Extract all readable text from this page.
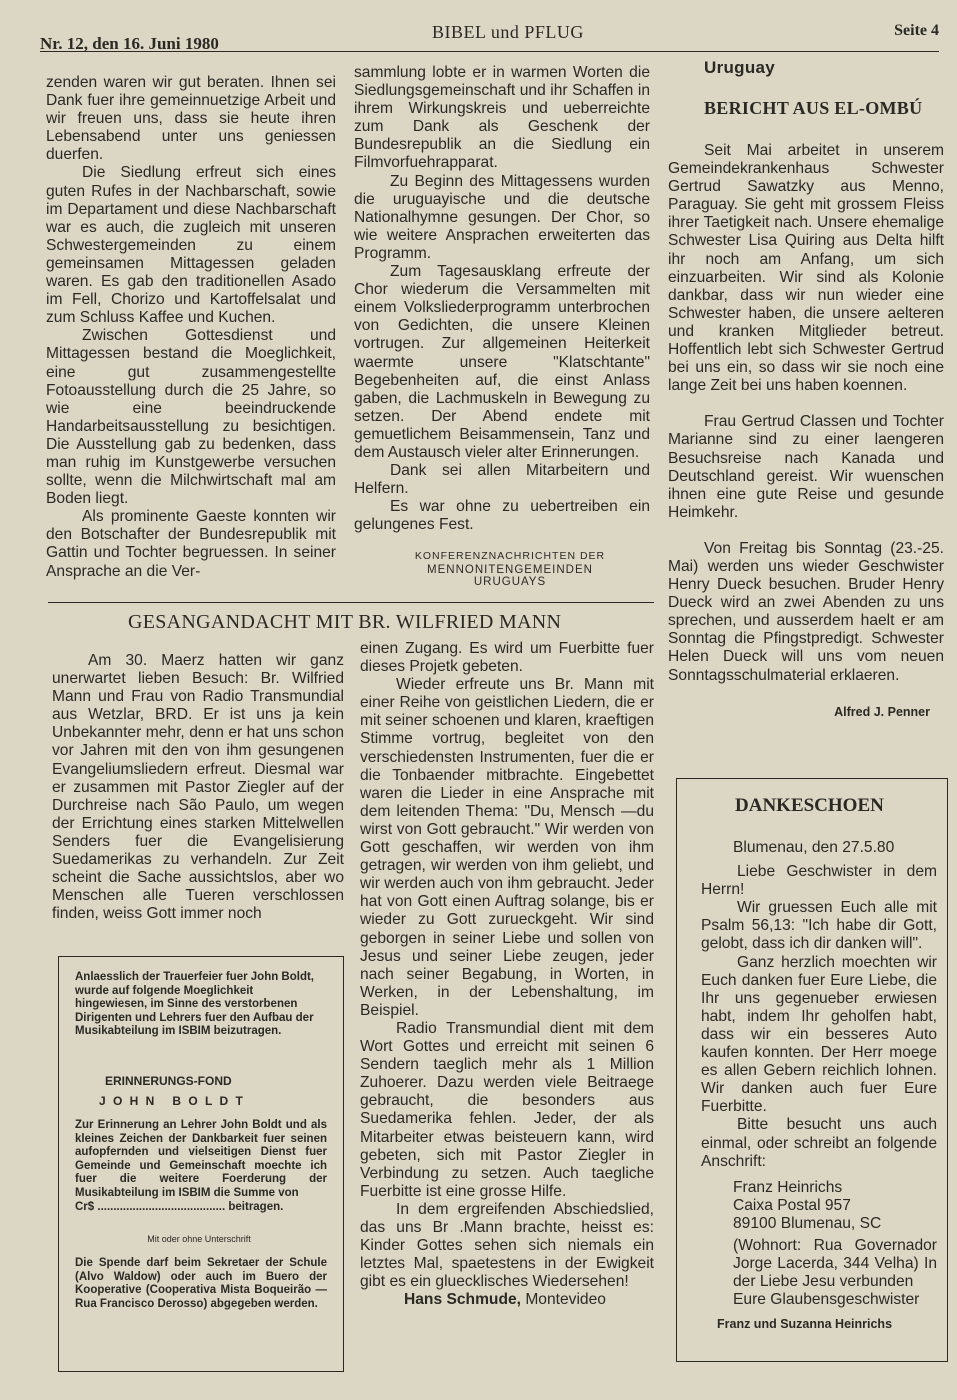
Nr. 12, den 16. Juni 1980
BIBEL und PFLUG	Seite 4

zenden waren wir gut beraten. Ihnen sei Dank fuer ihre gemeinnuetzige Arbeit und wir freuen uns, dass sie heute ihren Lebensabend unter uns geniessen duerfen.

Die Siedlung erfreut sich eines guten Rufes in der Nachbarschaft, sowie im Departament und diese Nachbarschaft war es auch, die zugleich mit unseren Schwestergemeinden zu einem gemeinsamen Mittagessen geladen waren. Es gab den traditionellen Asado im Fell, Chorizo und Kartoffelsalat und zum Schluss Kaffee und Kuchen.

Zwischen Gottesdienst und Mittagessen bestand die Moeglichkeit, eine gut zusammengestellte Fotoausstellung durch die 25 Jahre, so wie eine beeindruckende Handarbeitsausstellung zu besichtigen. Die Ausstellung gab zu bedenken, dass man ruhig im Kunstgewerbe versuchen sollte, wenn die Milchwirtschaft mal am Boden liegt.

Als prominente Gaeste konnten wir den Botschafter der Bundesrepublik mit Gattin und Tochter begruessen. In seiner Ansprache an die Ver-

sammlung lobte er in warmen Worten die Siedlungsgemeinschaft und ihr Schaffen in ihrem Wirkungskreis und ueberreichte zum Dank als Geschenk der Bundesrepublik an die Siedlung ein Filmvorfuehrapparat.

Zu Beginn des Mittagessens wurden die uruguayische und die deutsche Nationalhymne gesungen. Der Chor, so wie weitere Ansprachen erweiterten das Programm.

Zum Tagesausklang erfreute der Chor wiederum die Versammelten mit einem Volksliederprogramm unterbrochen von Gedichten, die unsere Kleinen vortrugen. Zur allgemeinen Heiterkeit waermte unsere "Klatschtante" Begebenheiten auf, die einst Anlass gaben, die Lachmuskeln in Bewegung zu setzen. Der Abend endete mit gemuetlichem Beisammensein, Tanz und dem Austausch vieler alter Erinnerungen.

Dank sei allen Mitarbeitern und Helfern.

Es war ohne zu uebertreiben ein gelungenes Fest.

KONFERENZNACHRICHTEN DER
MENNONITENGEMEINDEN URUGUAYS
Uruguay
BERICHT AUS EL-OMBÚ

Seit Mai arbeitet in unserem Gemeindekrankenhaus Schwester Gertrud Sawatzky aus Menno, Paraguay. Sie geht mit grossem Fleiss ihrer Taetigkeit nach. Unsere ehemalige Schwester Lisa Quiring aus Delta hilft ihr noch am Anfang, um sich einzuarbeiten. Wir sind als Kolonie dankbar, dass wir nun wieder eine Schwester haben, die unsere aelteren und kranken Mitglieder betreut. Hoffentlich lebt sich Schwester Gertrud bei uns ein, so dass wir sie noch eine lange Zeit bei uns haben koennen.

Frau Gertrud Classen und Tochter Marianne sind zu einer laengeren Besuchsreise nach Kanada und Deutschland gereist. Wir wuenschen ihnen eine gute Reise und gesunde Heimkehr.

Von Freitag bis Sonntag (23.-25. Mai) werden uns wieder Geschwister Henry Dueck besuchen. Bruder Henry Dueck wird an zwei Abenden zu uns sprechen, und ausserdem haelt er am Sonntag die Pfingstpredigt. Schwester Helen Dueck will uns vom neuen Sonntagsschulmaterial erklaeren.

Alfred J. Penner

GESANGANDACHT MIT BR. WILFRIED MANN

Am 30. Maerz hatten wir ganz unerwartet lieben Besuch: Br. Wilfried Mann und Frau von Radio Transmundial aus Wetzlar, BRD. Er ist uns ja kein Unbekannter mehr, denn er hat uns schon vor Jahren mit den von ihm gesungenen Evangeliumsliedern erfreut. Diesmal war er zusammen mit Pastor Ziegler auf der Durchreise nach São Paulo, um wegen der Errichtung eines starken Mittelwellen Senders fuer die Evangelisierung Suedamerikas zu verhandeln. Zur Zeit scheint die Sache aussichtslos, aber wo Menschen alle Tueren verschlossen finden, weiss Gott immer noch

einen Zugang. Es wird um Fuerbitte fuer dieses Projetk gebeten.

Wieder erfreute uns Br. Mann mit einer Reihe von geistlichen Liedern, die er mit seiner schoenen und klaren, kraeftigen Stimme vortrug, begleitet von den verschiedensten Instrumenten, fuer die er die Tonbaender mitbrachte. Eingebettet waren die Lieder in eine Ansprache mit dem leitenden Thema: "Du, Mensch —du wirst von Gott gebraucht." Wir werden von Gott geschaffen, wir werden von ihm getragen, wir werden von ihm geliebt, und wir werden auch von ihm gebraucht. Jeder hat von Gott einen Auftrag solange, bis er wieder zu Gott zurueckgeht. Wir sind geborgen in seiner Liebe und sollen von Jesus und seiner Liebe zeugen, jeder nach seiner Begabung, in Worten, in Werken, in der Lebenshaltung, im Beispiel.

Radio Transmundial dient mit dem Wort Gottes und erreicht mit seinen 6 Sendern taeglich mehr als 1 Million Zuhoerer. Dazu werden viele Beitraege gebraucht, die besonders aus Suedamerika fehlen. Jeder, der als Mitarbeiter etwas beisteuern kann, wird gebeten, sich mit Pastor Ziegler in Verbindung zu setzen. Auch taegliche Fuerbitte ist eine grosse Hilfe.

In dem ergreifenden Abschiedslied, das uns Br .Mann brachte, heisst es: Kinder Gottes sehen sich niemals ein letztes Mal, spaetestens in der Ewigkeit gibt es ein gluecklisches Wiedersehen!

Hans Schmude, Montevideo

Anlaesslich der Trauerfeier fuer John Boldt, wurde auf folgende Moeglichkeit hingewiesen, im Sinne des verstorbenen Dirigenten und Lehrers fuer den Aufbau der Musikabteilung im ISBIM beizutragen.
ERINNERUNGS-FOND
J O H N   B O L D T
Zur Erinnerung an Lehrer John Boldt und als kleines Zeichen der Dankbarkeit fuer seinen aufopfernden und vielseitigen Dienst fuer Gemeinde und Gemeinschaft moechte ich fuer die weitere Foerderung der Musikabteilung im ISBIM die Summe von
Cr$ ........................................ beitragen.
Mit oder ohne Unterschrift
Die Spende darf beim Sekretaer der Schule (Alvo Waldow) oder auch im Buero der Kooperative (Cooperativa Mista Boqueirão — Rua Francisco Derosso) abgegeben werden.
DANKESCHOEN

Blumenau, den 27.5.80

Liebe Geschwister in dem Herrn!

Wir gruessen Euch alle mit Psalm 56,13: "Ich habe dir Gott, gelobt, dass ich dir danken will".

Ganz herzlich moechten wir Euch danken fuer Eure Liebe, die Ihr uns gegenueber erwiesen habt, indem Ihr geholfen habt, dass wir ein besseres Auto kaufen konnten. Der Herr moege es allen Gebern reichlich lohnen. Wir danken auch fuer Eure Fuerbitte.

Bitte besucht uns auch einmal, oder schreibt an folgende Anschrift:

Franz Heinrichs

Caixa Postal 957

89100 Blumenau, SC

(Wohnort: Rua Governador Jorge Lacerda, 344 Velha) In der Liebe Jesu verbunden

Eure Glaubensgeschwister

Franz und Suzanna Heinrichs
